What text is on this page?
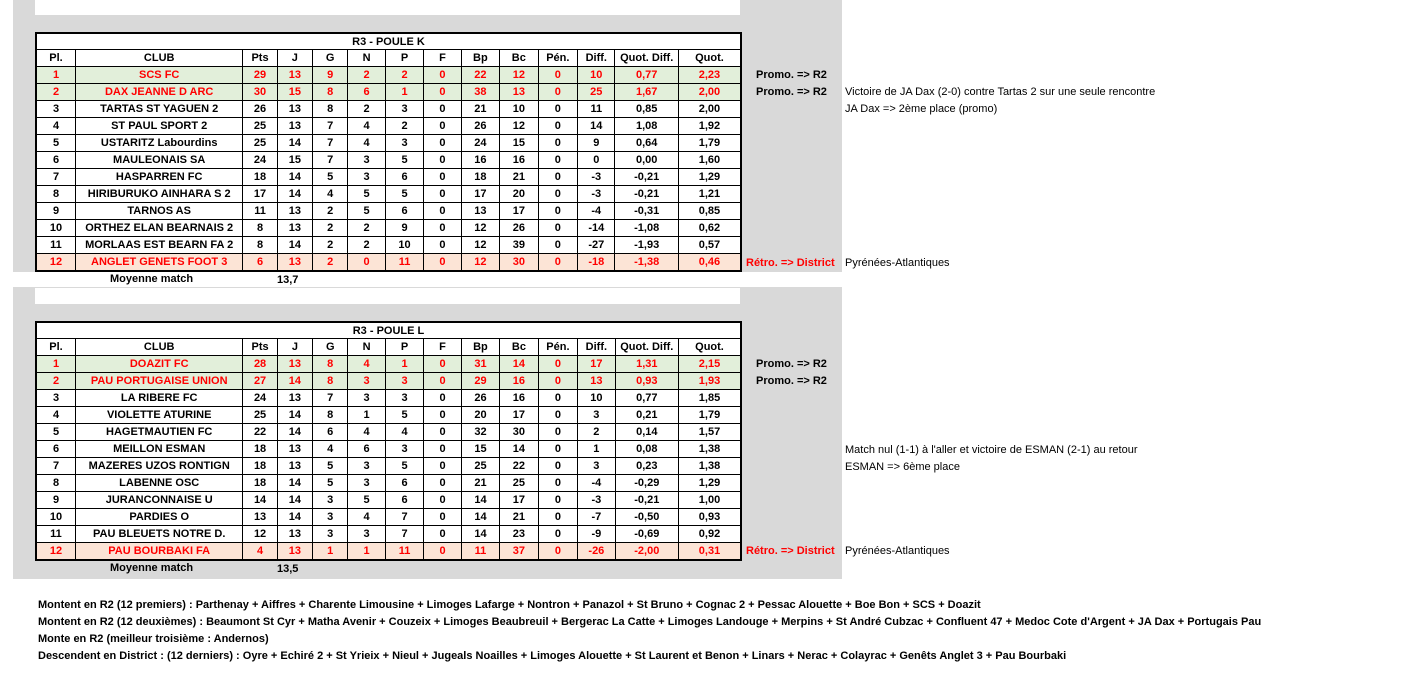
R3 - POULE K													
Pl.	CLUB	Pts	J	G	N	P	F	Bp	Bc	Pén.	Diff.	Quot. Diff.	Quot.
1	SCS FC	29	13	9	2	2	0	22	12	0	10	0,77	2,23
2	DAX JEANNE D ARC	30	15	8	6	1	0	38	13	0	25	1,67	2,00
3	TARTAS ST YAGUEN 2	26	13	8	2	3	0	21	10	0	11	0,85	2,00
4	ST PAUL SPORT 2	25	13	7	4	2	0	26	12	0	14	1,08	1,92
5	USTARITZ Labourdins	25	14	7	4	3	0	24	15	0	9	0,64	1,79
6	MAULEONAIS SA	24	15	7	3	5	0	16	16	0	0	0,00	1,60
7	HASPARREN FC	18	14	5	3	6	0	18	21	0	-3	-0,21	1,29
8	HIRIBURUKO AINHARA S 2	17	14	4	5	5	0	17	20	0	-3	-0,21	1,21
9	TARNOS AS	11	13	2	5	6	0	13	17	0	-4	-0,31	0,85
10	ORTHEZ ELAN BEARNAIS 2	8	13	2	2	9	0	12	26	0	-14	-1,08	0,62
11	MORLAAS EST BEARN FA 2	8	14	2	2	10	0	12	39	0	-27	-1,93	0,57
12	ANGLET GENETS FOOT 3	6	13	2	0	11	0	12	30	0	-18	-1,38	0,46
Moyenne match	13,7
Promo. => R2
Promo. => R2 Victoire de JA Dax (2-0) contre Tartas 2 sur une seule rencontre
JA Dax => 2ème place (promo)
Rétro. => District Pyrénées-Atlantiques
R3 - POULE L													
Pl.	CLUB	Pts	J	G	N	P	F	Bp	Bc	Pén.	Diff.	Quot. Diff.	Quot.
1	DOAZIT FC	28	13	8	4	1	0	31	14	0	17	1,31	2,15
2	PAU PORTUGAISE UNION	27	14	8	3	3	0	29	16	0	13	0,93	1,93
3	LA RIBERE FC	24	13	7	3	3	0	26	16	0	10	0,77	1,85
4	VIOLETTE ATURINE	25	14	8	1	5	0	20	17	0	3	0,21	1,79
5	HAGETMAUTIEN FC	22	14	6	4	4	0	32	30	0	2	0,14	1,57
6	MEILLON ESMAN	18	13	4	6	3	0	15	14	0	1	0,08	1,38
7	MAZERES UZOS RONTIGN	18	13	5	3	5	0	25	22	0	3	0,23	1,38
8	LABENNE OSC	18	14	5	3	6	0	21	25	0	-4	-0,29	1,29
9	JURANCONNAISE U	14	14	3	5	6	0	14	17	0	-3	-0,21	1,00
10	PARDIES O	13	14	3	4	7	0	14	21	0	-7	-0,50	0,93
11	PAU BLEUETS NOTRE D.	12	13	3	3	7	0	14	23	0	-9	-0,69	0,92
12	PAU BOURBAKI FA	4	13	1	1	11	0	11	37	0	-26	-2,00	0,31
Moyenne match	13,5
Promo. => R2
Promo. => R2
Match nul (1-1) à l'aller et victoire de ESMAN (2-1) au retour
ESMAN => 6ème place
Rétro. => District Pyrénées-Atlantiques
Montent en R2 (12 premiers) : Parthenay + Aiffres + Charente Limousine + Limoges Lafarge + Nontron + Panazol + St Bruno + Cognac 2 + Pessac Alouette + Boe Bon + SCS + Doazit
Montent en R2 (12 deuxièmes) : Beaumont St Cyr + Matha Avenir + Couzeix + Limoges Beaubreuil + Bergerac La Catte + Limoges Landouge + Merpins + St André Cubzac + Confluent 47 + Medoc Cote d'Argent + JA Dax + Portugais Pau
Monte en R2 (meilleur troisième : Andernos)
Descendent en District : (12 derniers) : Oyre + Echiré 2 + St Yrieix + Nieul + Jugeals Noailles + Limoges Alouette + St Laurent et Benon + Linars + Nerac + Colayrac + Genêts Anglet 3 + Pau Bourbaki
